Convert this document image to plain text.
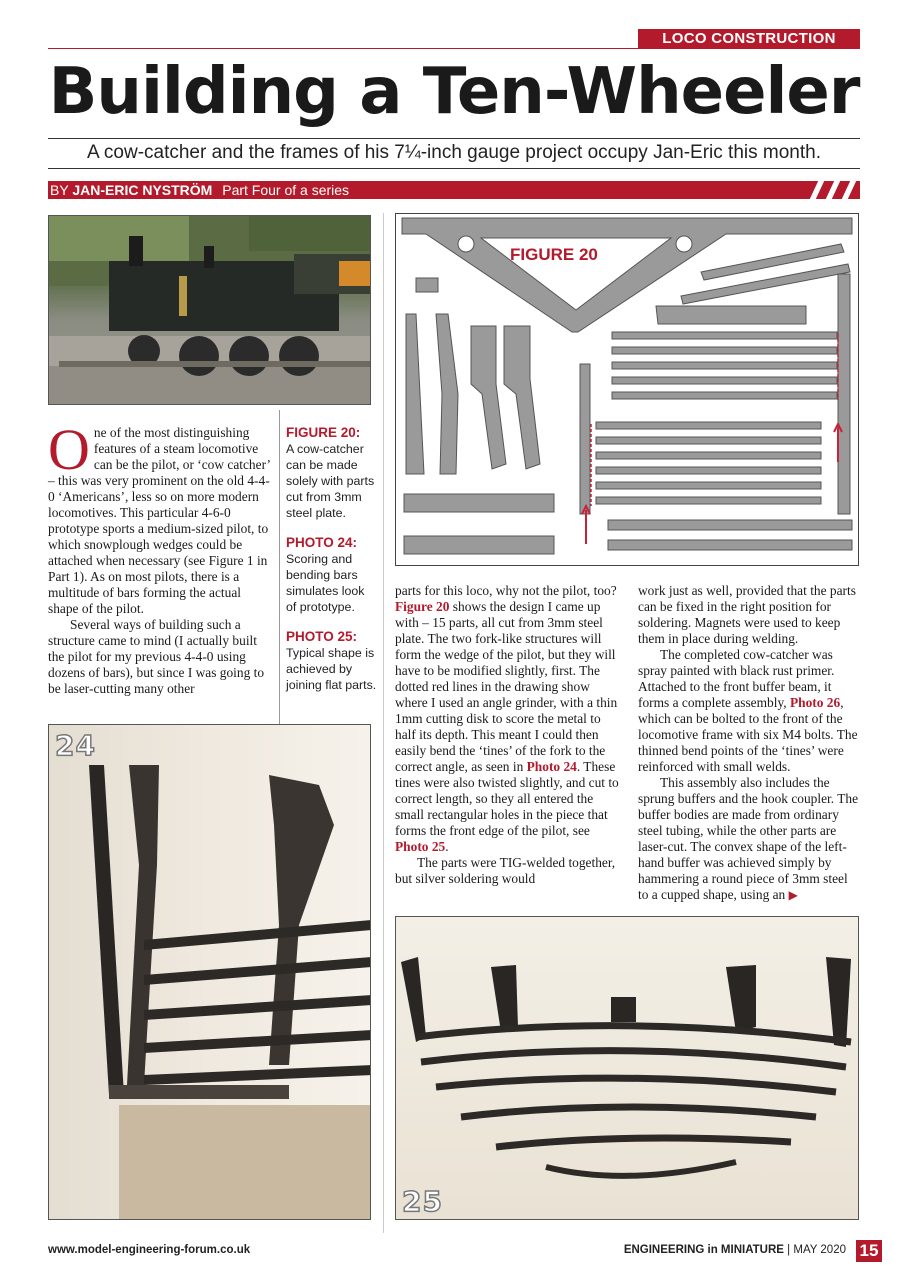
LOCO CONSTRUCTION
Building a Ten-Wheeler
A cow-catcher and the frames of his 7¼-inch gauge project occupy Jan-Eric this month.
BY JAN-ERIC NYSTRÖM Part Four of a series
FIGURE 20

One of the most distinguishing features of a steam locomotive can be the pilot, or ‘cow catcher’ – this was very prominent on the old 4-4-0 ‘Americans’, less so on more modern locomotives. This particular 4-6-0 prototype sports a medium-sized pilot, to which snowplough wedges could be attached when necessary (see Figure 1 in Part 1). As on most pilots, there is a multitude of bars forming the actual shape of the pilot.

Several ways of building such a structure came to mind (I actually built the pilot for my previous 4-4-0 using dozens of bars), but since I was going to be laser-cutting many other

FIGURE 20:
A cow-catcher can be made solely with parts cut from 3mm steel plate.
PHOTO 24:
Scoring and bending bars simulates look of prototype.
PHOTO 25:
Typical shape is achieved by joining flat parts.
24

parts for this loco, why not the pilot, too? Figure 20 shows the design I came up with – 15 parts, all cut from 3mm steel plate. The two fork-like structures will form the wedge of the pilot, but they will have to be modified slightly, first. The dotted red lines in the drawing show where I used an angle grinder, with a thin 1mm cutting disk to score the metal to half its depth. This meant I could then easily bend the ‘tines’ of the fork to the correct angle, as seen in Photo 24. These tines were also twisted slightly, and cut to correct length, so they all entered the small rectangular holes in the piece that forms the front edge of the pilot, see Photo 25.

The parts were TIG-welded together, but silver soldering would

work just as well, provided that the parts can be fixed in the right position for soldering. Magnets were used to keep them in place during welding.

The completed cow-catcher was spray painted with black rust primer. Attached to the front buffer beam, it forms a complete assembly, Photo 26, which can be bolted to the front of the locomotive frame with six M4 bolts. The thinned bend points of the ‘tines’ were reinforced with small welds.

This assembly also includes the sprung buffers and the hook coupler. The buffer bodies are made from ordinary steel tubing, while the other parts are laser-cut. The convex shape of the left-hand buffer was achieved simply by hammering a round piece of 3mm steel to a cupped shape, using an ▶

25
www.model-engineering-forum.co.uk	ENGINEERING in MINIATURE | MAY 2020 15
